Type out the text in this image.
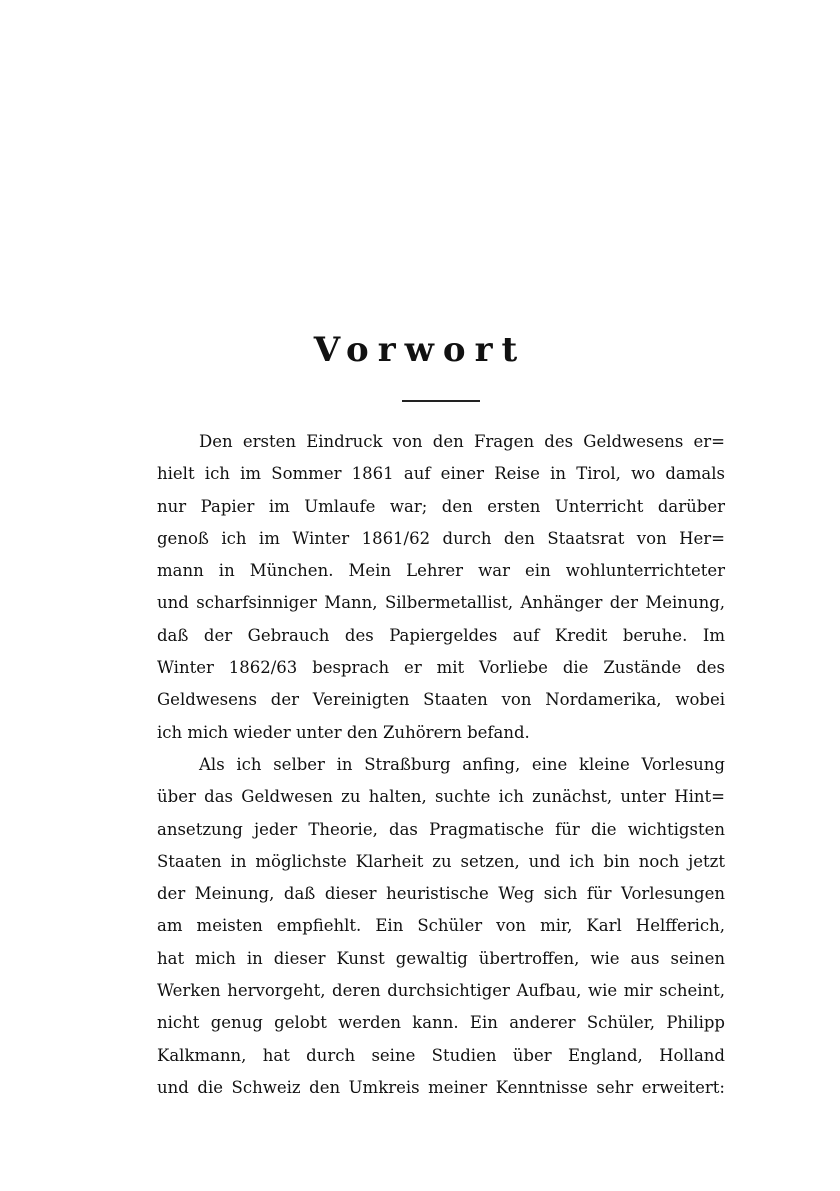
Vorwort
Den ersten Eindruck von den Fragen des Geldwesens er=
hielt ich im Sommer 1861 auf einer Reise in Tirol, wo damals
nur Papier im Umlaufe war; den ersten Unterricht darüber
genoß ich im Winter 1861/62 durch den Staatsrat von Her=
mann in München. Mein Lehrer war ein wohlunterrichteter
und scharfsinniger Mann, Silbermetallist, Anhänger der Meinung,
daß der Gebrauch des Papiergeldes auf Kredit beruhe. Im
Winter 1862/63 besprach er mit Vorliebe die Zustände des
Geldwesens der Vereinigten Staaten von Nordamerika, wobei
ich mich wieder unter den Zuhörern befand.
Als ich selber in Straßburg anfing, eine kleine Vorlesung
über das Geldwesen zu halten, suchte ich zunächst, unter Hint=
ansetzung jeder Theorie, das Pragmatische für die wichtigsten
Staaten in möglichste Klarheit zu setzen, und ich bin noch jetzt
der Meinung, daß dieser heuristische Weg sich für Vorlesungen
am meisten empfiehlt. Ein Schüler von mir, Karl Helfferich,
hat mich in dieser Kunst gewaltig übertroffen, wie aus seinen
Werken hervorgeht, deren durchsichtiger Aufbau, wie mir scheint,
nicht genug gelobt werden kann. Ein anderer Schüler, Philipp
Kalkmann, hat durch seine Studien über England, Holland
und die Schweiz den Umkreis meiner Kenntnisse sehr erweitert:
